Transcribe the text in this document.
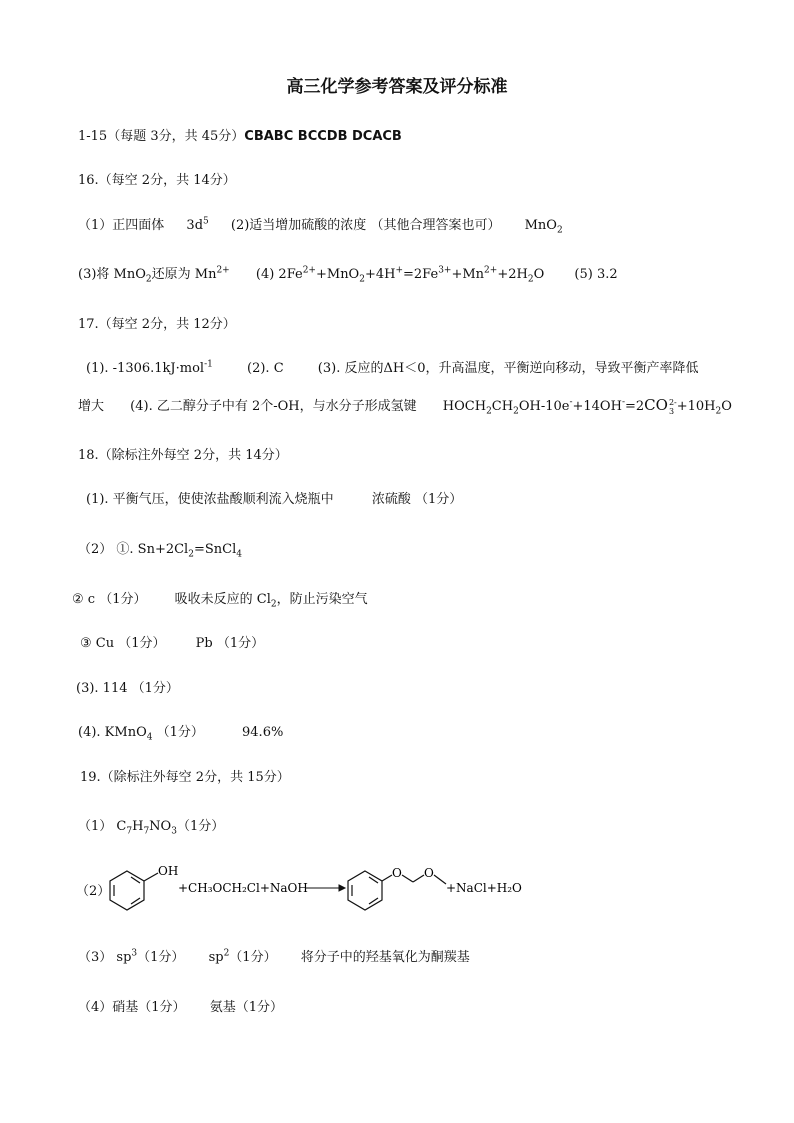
高三化学参考答案及评分标准
1-15（每题 3分，共 45分）CBABC BCCDB DCACB
16.（每空 2分，共 14分）
（1）正四面体 $3d^5$ (2)适当增加硫酸的浓度 （其他合理答案也可） MnO$_2$
(3)将 MnO$_2$还原为 $Mn^{2+}$ (4) $2Fe^{2+}+MnO_2+4H^+=2Fe^{3+}+Mn^{2+}+2H_2O$ (5) 3.2
17.（每空 2分，共 12分）
(1). -1306.1kJ·mol$^{-1}$	(2). C	(3). 反应的ΔH＜0，升高温度，平衡逆向移动，导致平衡产率降低
增大 (4). 乙二醇分子中有 2个-OH，与水分子形成氢键 $HOCH_2CH_2OH-10e^-+14OH^-=2CO$ 2-
$3 +10H_2O$
18.（除标注外每空 2分，共 14分）
(1). 平衡气压，使使浓盐酸顺利流入烧瓶中	浓硫酸 （1分）
（2） ①. $Sn+2Cl_2=SnCl_4$
② c （1分） 吸收未反应的 $Cl_2$，防止污染空气
③ Cu （1分） Pb （1分）
(3). 114 （1分）
(4). KMnO$_4$ （1分）	94.6%
19.（除标注外每空 2分，共 15分）
（1） $C_7H_7NO_3(1$分）
（2）
OH
+CH₃OCH₂Cl+NaOH
O O
+NaCl+H₂O
（3） $sp^3(1$分） $sp^2(1$分） 将分子中的羟基氧化为酮羰基
（4）硝基（1分） 氨基（1分）
